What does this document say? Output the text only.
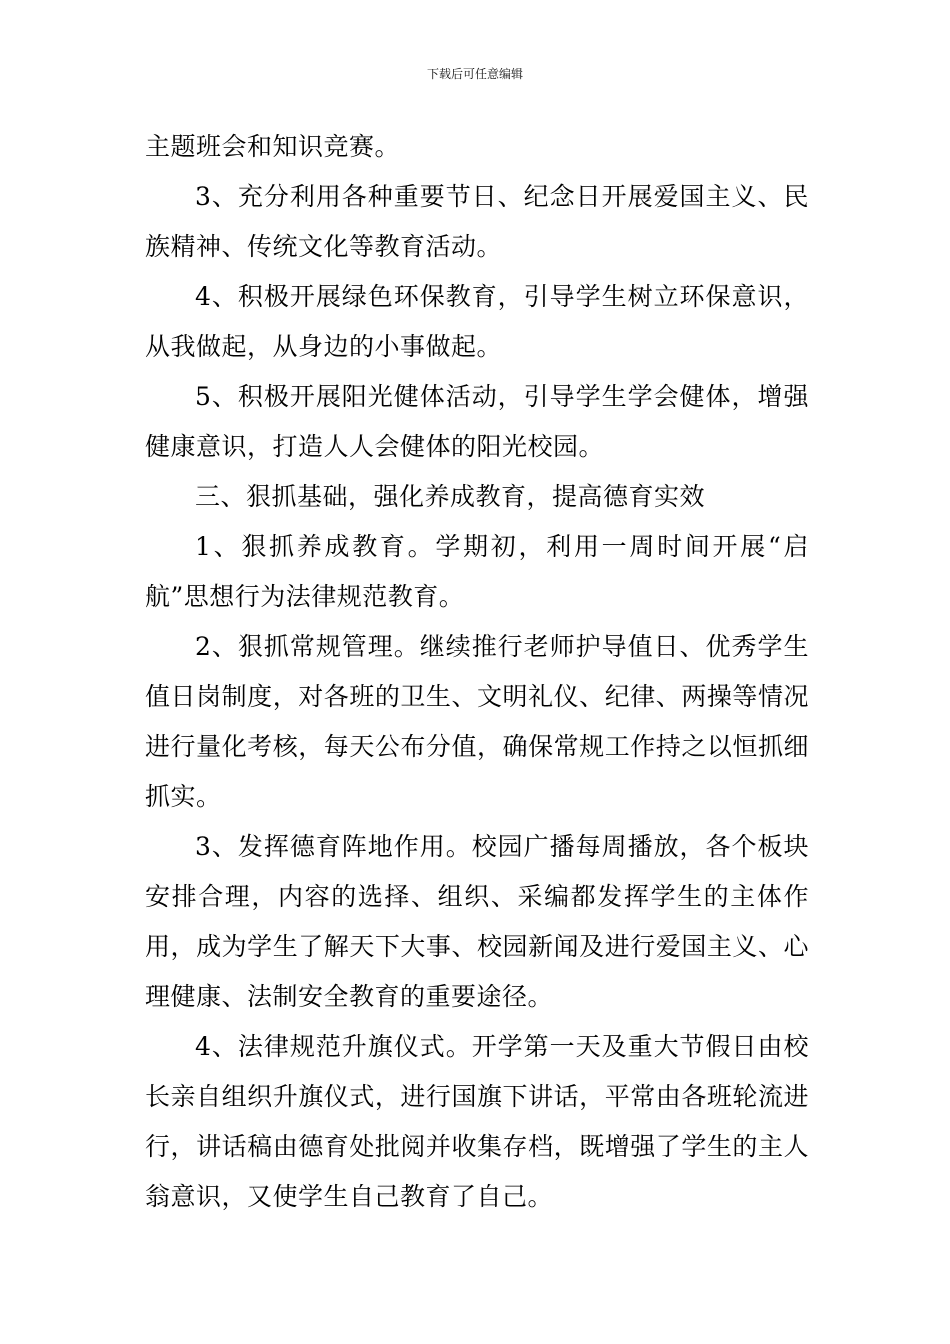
下载后可任意编辑

主题班会和知识竞赛。

3、充分利用各种重要节日、纪念日开展爱国主义、民族精神、传统文化等教育活动。

4、积极开展绿色环保教育，引导学生树立环保意识，从我做起，从身边的小事做起。

5、积极开展阳光健体活动，引导学生学会健体，增强健康意识，打造人人会健体的阳光校园。

三、狠抓基础，强化养成教育，提高德育实效

1、狠抓养成教育。学期初，利用一周时间开展“启航”思想行为法律规范教育。

2、狠抓常规管理。继续推行老师护导值日、优秀学生值日岗制度，对各班的卫生、文明礼仪、纪律、两操等情况进行量化考核，每天公布分值，确保常规工作持之以恒抓细抓实。

3、发挥德育阵地作用。校园广播每周播放，各个板块安排合理，内容的选择、组织、采编都发挥学生的主体作用，成为学生了解天下大事、校园新闻及进行爱国主义、心理健康、法制安全教育的重要途径。

4、法律规范升旗仪式。开学第一天及重大节假日由校长亲自组织升旗仪式，进行国旗下讲话，平常由各班轮流进行，讲话稿由德育处批阅并收集存档，既增强了学生的主人翁意识，又使学生自己教育了自己。
